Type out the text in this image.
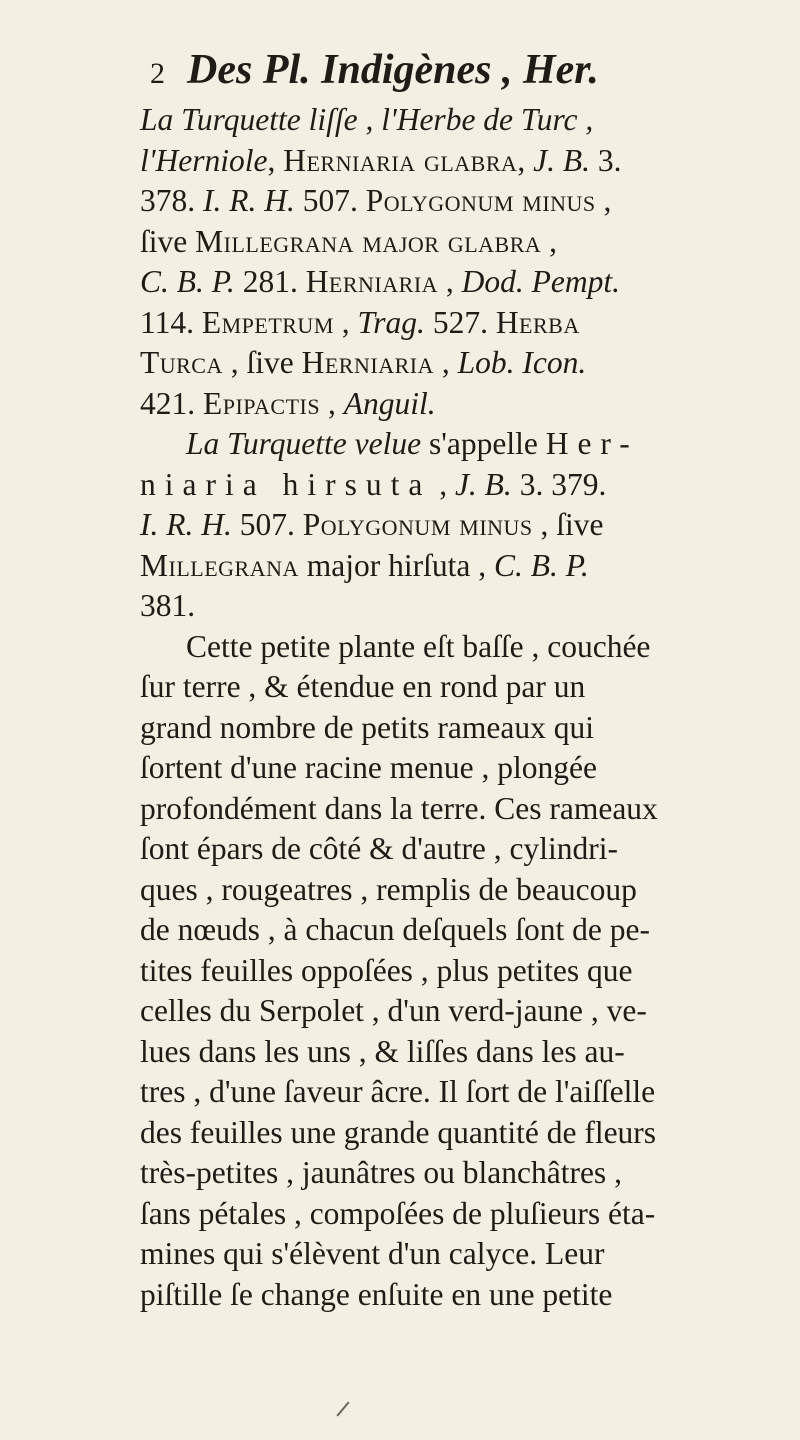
2 Des Pl. Indigènes , Her.
La Turquette liſſe , l'Herbe de Turc ,
l'Herniole, Herniaria glabra, J. B. 3.
378. I. R. H. 507. Polygonum minus ,
ſive Millegrana major glabra ,
C. B. P. 281. Herniaria , Dod. Pempt.
114. Empetrum , Trag. 527. Herba
Turca , ſive Herniaria , Lob. Icon.
421. Epipactis , Anguil.
La Turquette velue s'appelle Her-
niaria hirsuta , J. B. 3. 379.
I. R. H. 507. Polygonum minus , ſive
Millegrana major hirſuta , C. B. P.
381.
Cette petite plante eſt baſſe , couchée
ſur terre , & étendue en rond par un
grand nombre de petits rameaux qui
ſortent d'une racine menue , plongée
profondément dans la terre. Ces rameaux
ſont épars de côté & d'autre , cylindri-
ques , rougeatres , remplis de beaucoup
de nœuds , à chacun deſquels ſont de pe-
tites feuilles oppoſées , plus petites que
celles du Serpolet , d'un verd-jaune , ve-
lues dans les uns , & liſſes dans les au-
tres , d'une ſaveur âcre. Il ſort de l'aiſſelle
des feuilles une grande quantité de fleurs
très-petites , jaunâtres ou blanchâtres ,
ſans pétales , compoſées de pluſieurs éta-
mines qui s'élèvent d'un calyce. Leur
piſtille ſe change enſuite en une petite
